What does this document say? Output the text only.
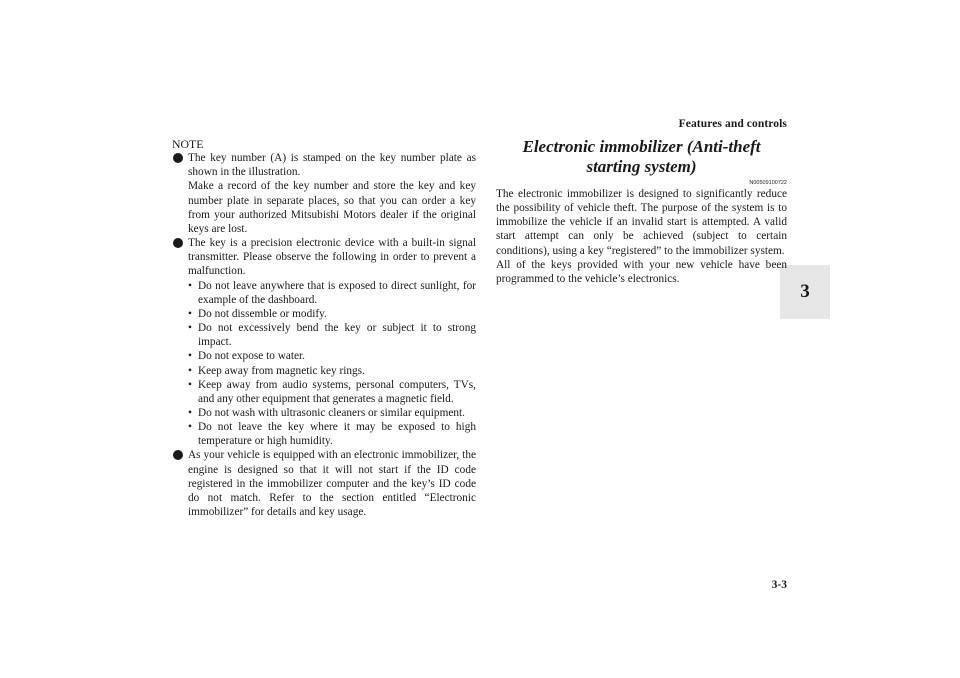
Features and controls
3
NOTE
The key number (A) is stamped on the key number plate as shown in the illustration.
Make a record of the key number and store the key and key number plate in separate places, so that you can order a key from your authorized Mitsubishi Motors dealer if the original keys are lost.
The key is a precision electronic device with a built-in signal transmitter. Please observe the following in order to prevent a malfunction.
• Do not leave anywhere that is exposed to direct sunlight, for example of the dashboard.
• Do not dissemble or modify.
• Do not excessively bend the key or subject it to strong impact.
• Do not expose to water.
• Keep away from magnetic key rings.
• Keep away from audio systems, personal computers, TVs, and any other equipment that generates a magnetic field.
• Do not wash with ultrasonic cleaners or similar equipment.
• Do not leave the key where it may be exposed to high temperature or high humidity.
As your vehicle is equipped with an electronic immobilizer, the engine is designed so that it will not start if the ID code registered in the immobilizer computer and the key’s ID code do not match. Refer to the section entitled “Electronic immobilizer” for details and key usage.
Electronic immobilizer (Anti-theft starting system)
N00509100722
The electronic immobilizer is designed to significantly reduce the possibility of vehicle theft. The purpose of the system is to immobilize the vehicle if an invalid start is attempted. A valid start attempt can only be achieved (subject to certain conditions), using a key “registered” to the immobilizer system.
All of the keys provided with your new vehicle have been programmed to the vehicle’s electronics.
3-3
